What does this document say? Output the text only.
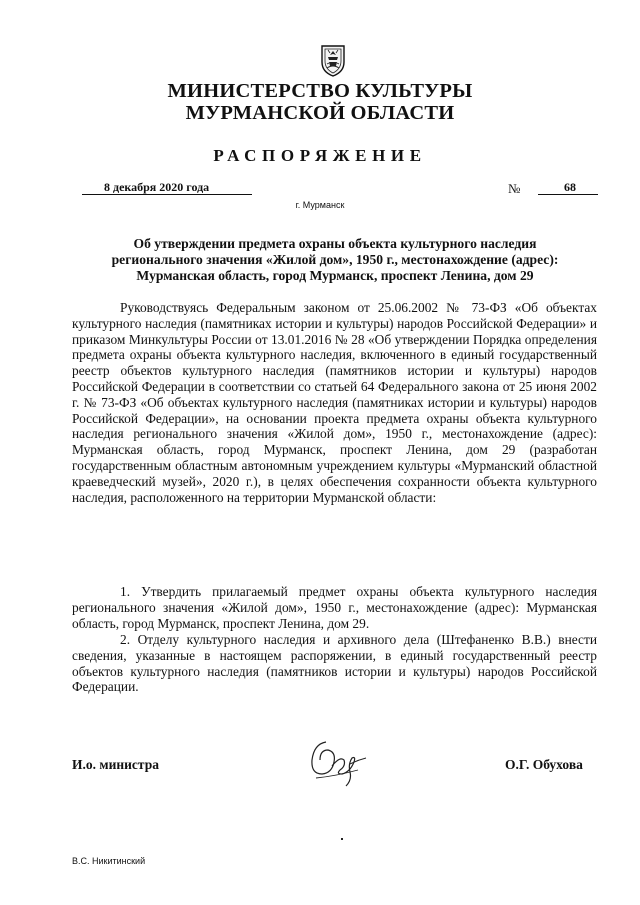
МИНИСТЕРСТВО КУЛЬТУРЫ
МУРМАНСКОЙ ОБЛАСТИ
РАСПОРЯЖЕНИЕ
8 декабря 2020 года	№	68
г. Мурманск
Об утверждении предмета охраны объекта культурного наследия
регионального значения «Жилой дом», 1950 г., местонахождение (адрес):
Мурманская область, город Мурманск, проспект Ленина, дом 29
Руководствуясь Федеральным законом от 25.06.2002 № 73-ФЗ «Об объектах культурного наследия (памятниках истории и культуры) народов Российской Федерации» и приказом Минкультуры России от 13.01.2016 № 28 «Об утверждении Порядка определения предмета охраны объекта культурного наследия, включенного в единый государственный реестр объектов культурного наследия (памятников истории и культуры) народов Российской Федерации в соответствии со статьей 64 Федерального закона от 25 июня 2002 г. № 73-ФЗ «Об объектах культурного наследия (памятниках истории и культуры) народов Российской Федерации», на основании проекта предмета охраны объекта культурного наследия регионального значения «Жилой дом», 1950 г., местонахождение (адрес): Мурманская область, город Мурманск, проспект Ленина, дом 29 (разработан государственным областным автономным учреждением культуры «Мурманский областной краеведческий музей», 2020 г.), в целях обеспечения сохранности объекта культурного наследия, расположенного на территории Мурманской области:
1. Утвердить прилагаемый предмет охраны объекта культурного наследия регионального значения «Жилой дом», 1950 г., местонахождение (адрес): Мурманская область, город Мурманск, проспект Ленина, дом 29.
2. Отделу культурного наследия и архивного дела (Штефаненко В.В.) внести сведения, указанные в настоящем распоряжении, в единый государственный реестр объектов культурного наследия (памятников истории и культуры) народов Российской Федерации.
И.о. министра	О.Г. Обухова
В.С. Никитинский
